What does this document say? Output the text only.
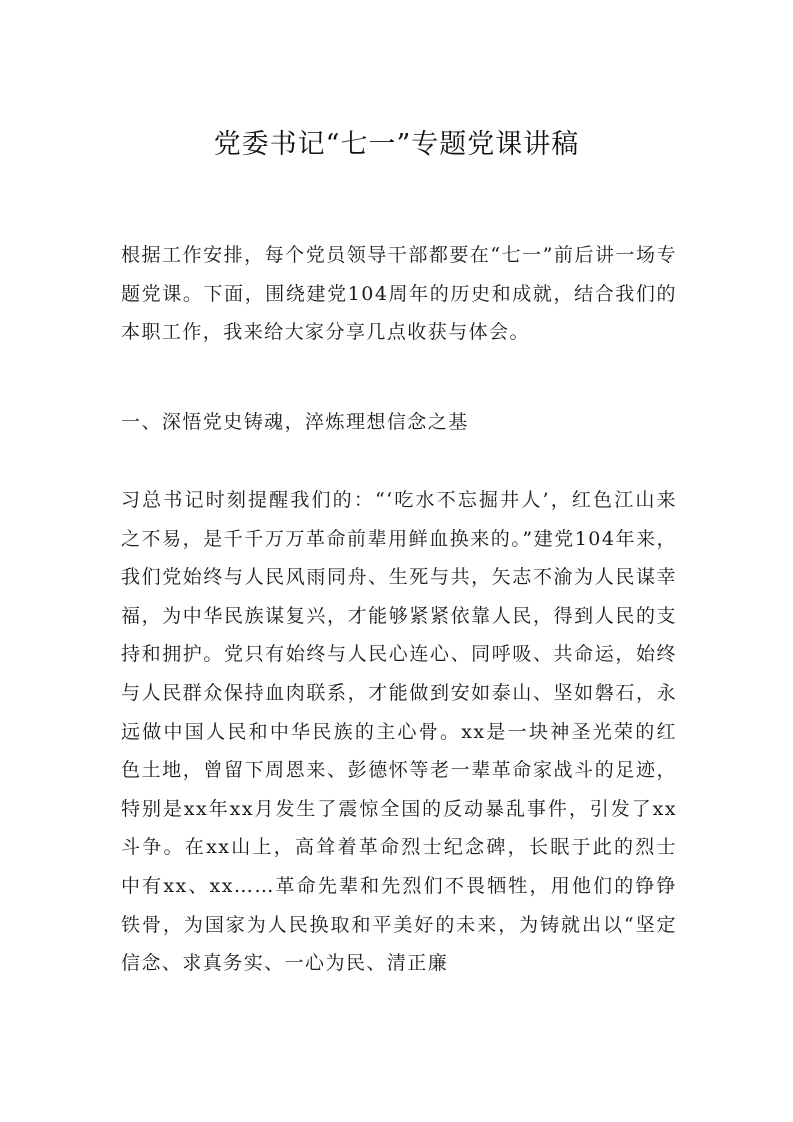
党委书记“七一”专题党课讲稿

根据工作安排，每个党员领导干部都要在“七一”前后讲一场专题党课。下面，围绕建党104周年的历史和成就，结合我们的本职工作，我来给大家分享几点收获与体会。

一、深悟党史铸魂，淬炼理想信念之基

习总书记时刻提醒我们的：“‘吃水不忘掘井人’，红色江山来之不易，是千千万万革命前辈用鲜血换来的。”建党104年来，我们党始终与人民风雨同舟、生死与共，矢志不渝为人民谋幸福，为中华民族谋复兴，才能够紧紧依靠人民，得到人民的支持和拥护。党只有始终与人民心连心、同呼吸、共命运，始终与人民群众保持血肉联系，才能做到安如泰山、坚如磐石，永远做中国人民和中华民族的主心骨。xx是一块神圣光荣的红色土地，曾留下周恩来、彭德怀等老一辈革命家战斗的足迹，特别是xx年xx月发生了震惊全国的反动暴乱事件，引发了xx斗争。在xx山上，高耸着革命烈士纪念碑，长眠于此的烈士中有xx、xx……革命先辈和先烈们不畏牺牲，用他们的铮铮铁骨，为国家为人民换取和平美好的未来，为铸就出以“坚定信念、求真务实、一心为民、清正廉
